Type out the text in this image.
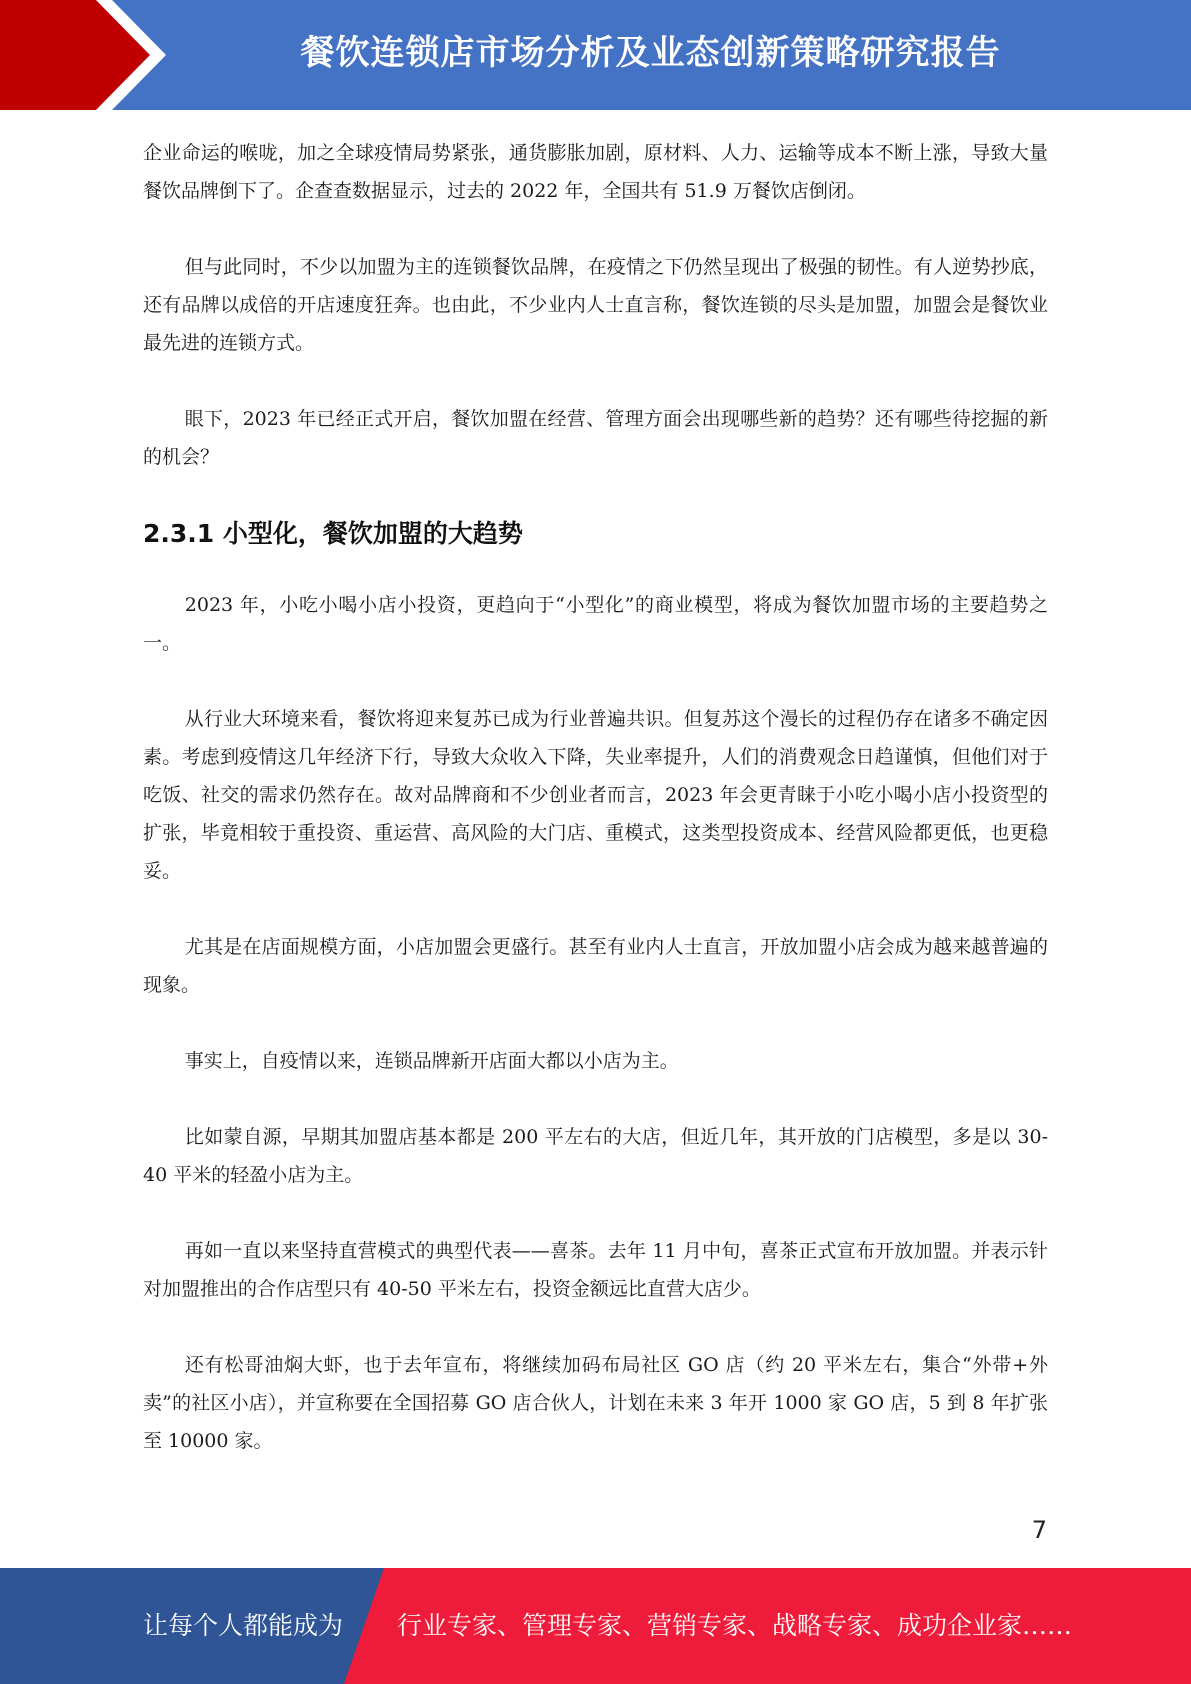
餐饮连锁店市场分析及业态创新策略研究报告

企业命运的喉咙，加之全球疫情局势紧张，通货膨胀加剧，原材料、人力、运输等成本不断上涨，导致大量餐饮品牌倒下了。企查查数据显示，过去的 2022 年，全国共有 51.9 万餐饮店倒闭。

但与此同时，不少以加盟为主的连锁餐饮品牌，在疫情之下仍然呈现出了极强的韧性。有人逆势抄底，还有品牌以成倍的开店速度狂奔。也由此，不少业内人士直言称，餐饮连锁的尽头是加盟，加盟会是餐饮业最先进的连锁方式。

眼下，2023 年已经正式开启，餐饮加盟在经营、管理方面会出现哪些新的趋势？还有哪些待挖掘的新的机会？

2.3.1 小型化，餐饮加盟的大趋势

2023 年，小吃小喝小店小投资，更趋向于“小型化”的商业模型，将成为餐饮加盟市场的主要趋势之一。

从行业大环境来看，餐饮将迎来复苏已成为行业普遍共识。但复苏这个漫长的过程仍存在诸多不确定因素。考虑到疫情这几年经济下行，导致大众收入下降，失业率提升，人们的消费观念日趋谨慎，但他们对于吃饭、社交的需求仍然存在。故对品牌商和不少创业者而言，2023 年会更青睐于小吃小喝小店小投资型的扩张，毕竟相较于重投资、重运营、高风险的大门店、重模式，这类型投资成本、经营风险都更低，也更稳妥。

尤其是在店面规模方面，小店加盟会更盛行。甚至有业内人士直言，开放加盟小店会成为越来越普遍的现象。

事实上，自疫情以来，连锁品牌新开店面大都以小店为主。

比如蒙自源，早期其加盟店基本都是 200 平左右的大店，但近几年，其开放的门店模型，多是以 30-40 平米的轻盈小店为主。

再如一直以来坚持直营模式的典型代表——喜茶。去年 11 月中旬，喜茶正式宣布开放加盟。并表示针对加盟推出的合作店型只有 40-50 平米左右，投资金额远比直营大店少。

还有松哥油焖大虾，也于去年宣布，将继续加码布局社区 GO 店（约 20 平米左右，集合“外带+外卖”的社区小店），并宣称要在全国招募 GO 店合伙人，计划在未来 3 年开 1000 家 GO 店，5 到 8 年扩张至 10000 家。

7
让每个人都能成为 行业专家、管理专家、营销专家、战略专家、成功企业家……
